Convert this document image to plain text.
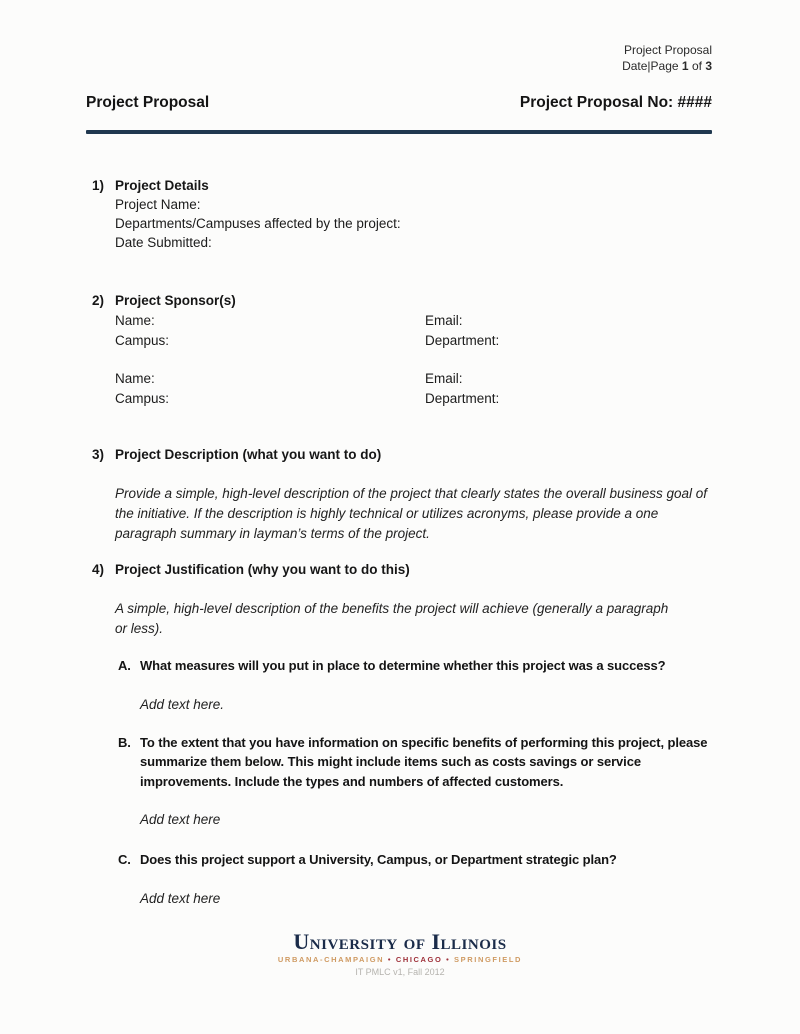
Project Proposal
Date|Page 1 of 3
Project Proposal	Project Proposal No: ####
1) Project Details
Project Name:
Departments/Campuses affected by the project:
Date Submitted:
2) Project Sponsor(s)
Name:	Email:
Campus:	Department:
Name:	Email:
Campus:	Department:
3) Project Description (what you want to do)
Provide a simple, high-level description of the project that clearly states the overall business goal of the initiative. If the description is highly technical or utilizes acronyms, please provide a one paragraph summary in layman’s terms of the project.
4) Project Justification (why you want to do this)
A simple, high-level description of the benefits the project will achieve (generally a paragraph or less).
A. What measures will you put in place to determine whether this project was a success?
Add text here.
B. To the extent that you have information on specific benefits of performing this project, please summarize them below. This might include items such as costs savings or service improvements. Include the types and numbers of affected customers.
Add text here
C. Does this project support a University, Campus, or Department strategic plan?
Add text here
University of Illinois
URBANA-CHAMPAIGN • CHICAGO • SPRINGFIELD
IT PMLC v1, Fall 2012
